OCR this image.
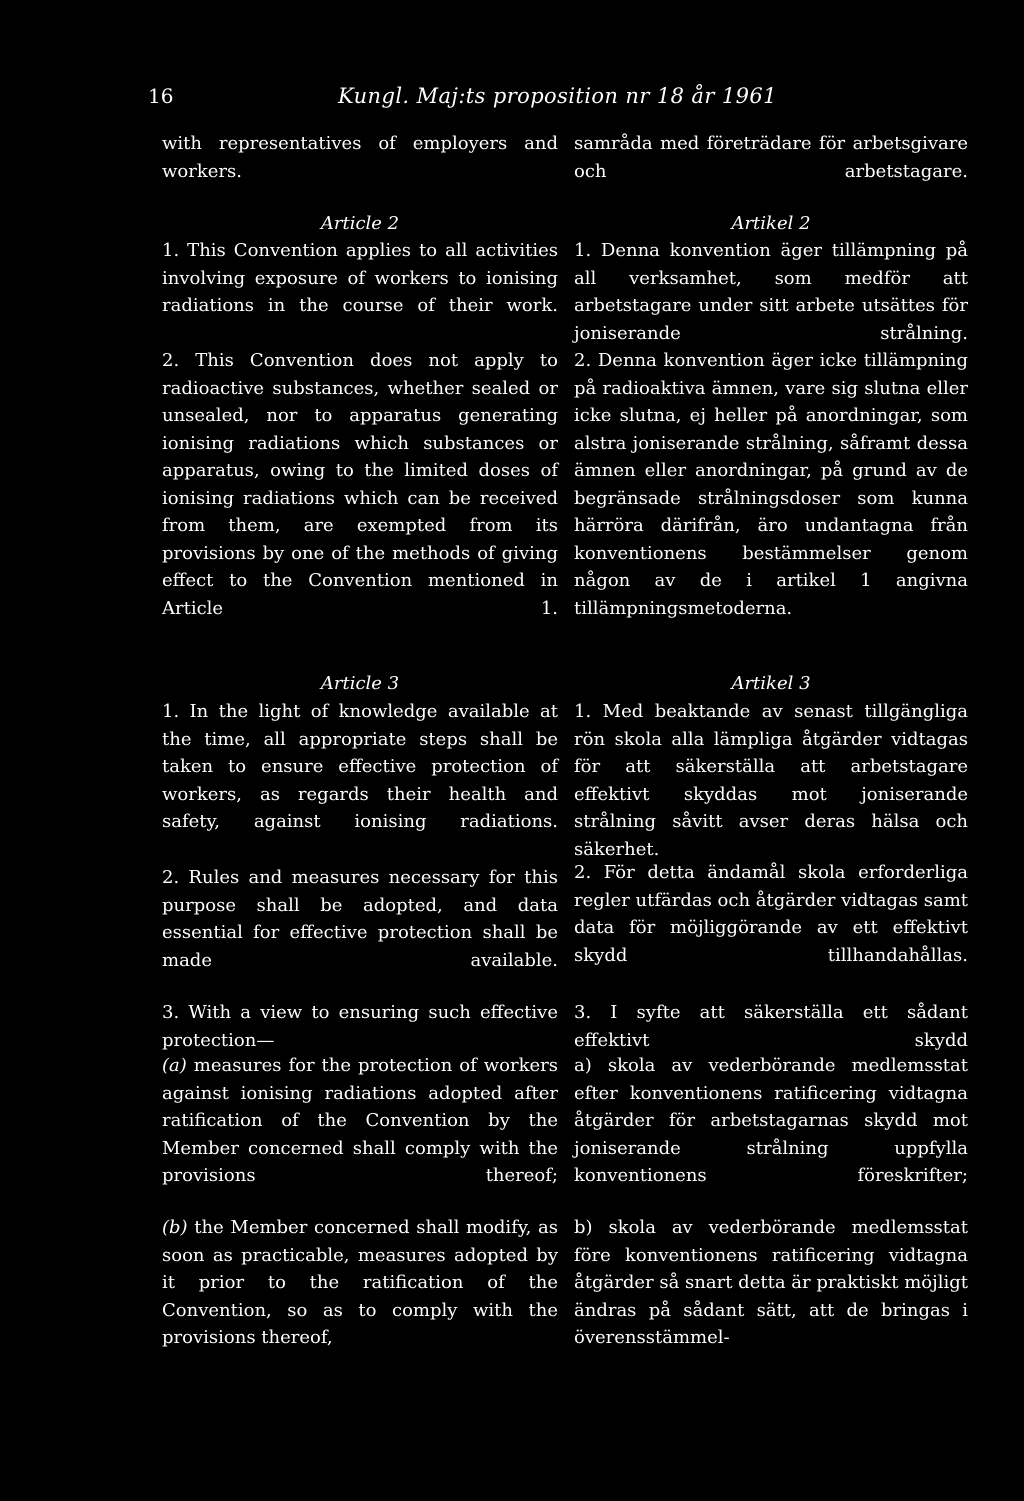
16	Kungl. Maj:ts proposition nr 18 år 1961
with representatives of employers and workers.
Article 2
1. This Convention applies to all activities involving exposure of workers to ionising radiations in the course of their work.
2. This Convention does not apply to radioactive substances, whether sealed or unsealed, nor to apparatus generating ionising radiations which substances or apparatus, owing to the limited doses of ionising radiations which can be received from them, are exempted from its provisions by one of the methods of giving effect to the Convention mentioned in Article 1.
Article 3
1. In the light of knowledge available at the time, all appropriate steps shall be taken to ensure effective protection of workers, as regards their health and safety, against ionising radiations.
2. Rules and measures necessary for this purpose shall be adopted, and data essential for effective protection shall be made available.
3. With a view to ensuring such effective protection—
(a) measures for the protection of workers against ionising radiations adopted after ratification of the Convention by the Member concerned shall comply with the provisions thereof;
(b) the Member concerned shall modify, as soon as practicable, measures adopted by it prior to the ratification of the Convention, so as to comply with the provisions thereof,
samråda med företrädare för arbetsgivare och arbetstagare.
Artikel 2
1. Denna konvention äger tillämpning på all verksamhet, som medför att arbetstagare under sitt arbete utsättes för joniserande strålning.
2. Denna konvention äger icke tillämpning på radioaktiva ämnen, vare sig slutna eller icke slutna, ej heller på anordningar, som alstra joniserande strålning, såframt dessa ämnen eller anordningar, på grund av de begränsade strålningsdoser som kunna härröra därifrån, äro undantagna från konventionens bestämmelser genom någon av de i artikel 1 angivna tillämpningsmetoderna.
Artikel 3
1. Med beaktande av senast tillgängliga rön skola alla lämpliga åtgärder vidtagas för att säkerställa att arbetstagare effektivt skyddas mot joniserande strålning såvitt avser deras hälsa och säkerhet.
2. För detta ändamål skola erforderliga regler utfärdas och åtgärder vidtagas samt data för möjliggörande av ett effektivt skydd tillhandahållas.
3. I syfte att säkerställa ett sådant effektivt skydd
a) skola av vederbörande medlemsstat efter konventionens ratificering vidtagna åtgärder för arbetstagarnas skydd mot joniserande strålning uppfylla konventionens föreskrifter;
b) skola av vederbörande medlemsstat före konventionens ratificering vidtagna åtgärder så snart detta är praktiskt möjligt ändras på sådant sätt, att de bringas i överensstämmel-
